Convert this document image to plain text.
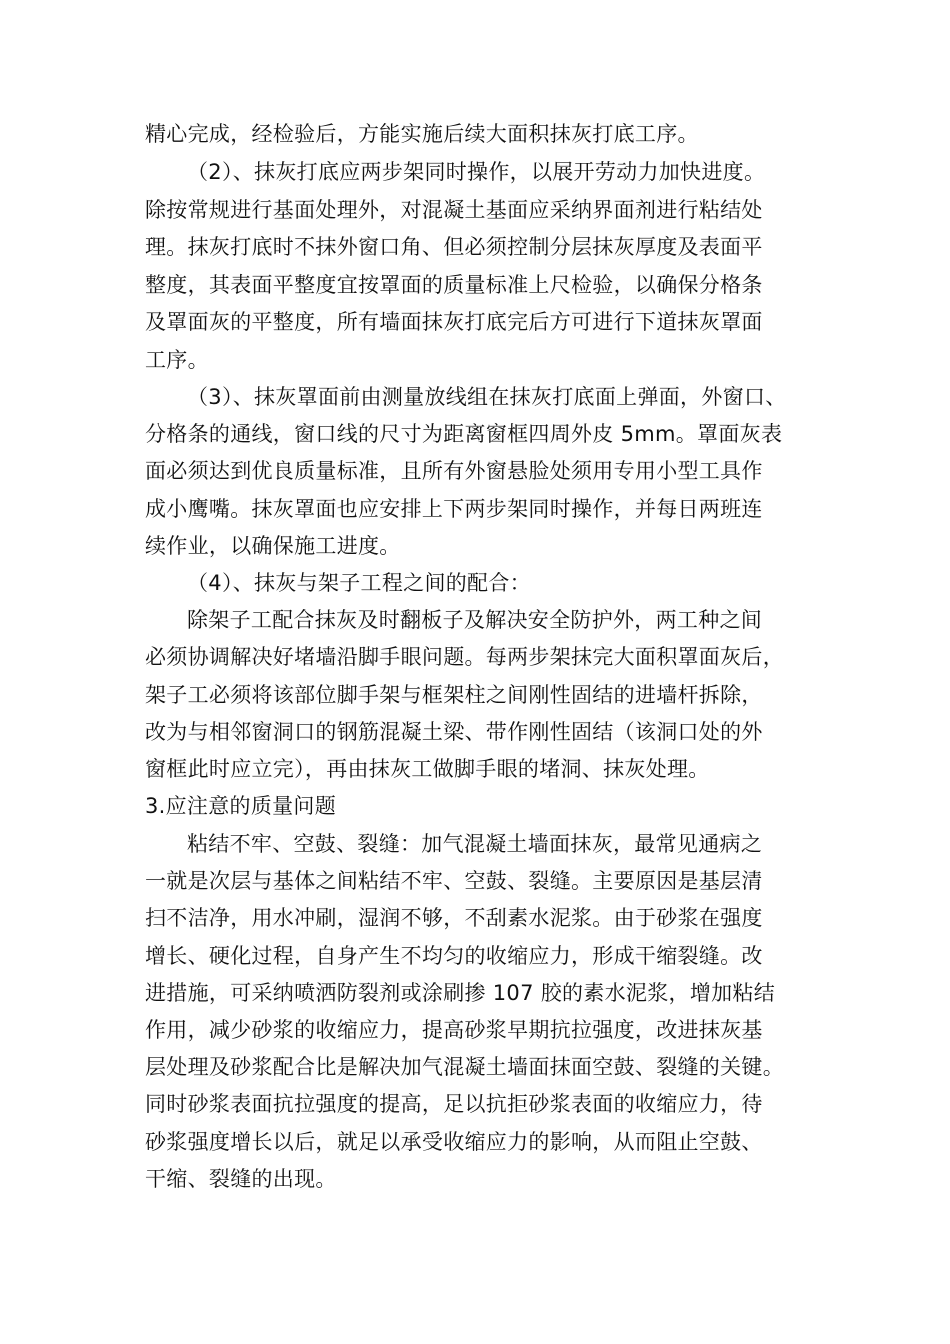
精心完成，经检验后，方能实施后续大面积抹灰打底工序。
（2）、抹灰打底应两步架同时操作，以展开劳动力加快进度。
除按常规进行基面处理外，对混凝土基面应采纳界面剂进行粘结处
理。抹灰打底时不抹外窗口角、但必须控制分层抹灰厚度及表面平
整度，其表面平整度宜按罩面的质量标准上尺检验，以确保分格条
及罩面灰的平整度，所有墙面抹灰打底完后方可进行下道抹灰罩面
工序。
（3）、抹灰罩面前由测量放线组在抹灰打底面上弹面，外窗口、
分格条的通线，窗口线的尺寸为距离窗框四周外皮 5mm。罩面灰表
面必须达到优良质量标准，且所有外窗悬脸处须用专用小型工具作
成小鹰嘴。抹灰罩面也应安排上下两步架同时操作，并每日两班连
续作业，以确保施工进度。
（4）、抹灰与架子工程之间的配合：
除架子工配合抹灰及时翻板子及解决安全防护外，两工种之间
必须协调解决好堵墙沿脚手眼问题。每两步架抹完大面积罩面灰后，
架子工必须将该部位脚手架与框架柱之间刚性固结的进墙杆拆除，
改为与相邻窗洞口的钢筋混凝土梁、带作刚性固结（该洞口处的外
窗框此时应立完），再由抹灰工做脚手眼的堵洞、抹灰处理。
3.应注意的质量问题
粘结不牢、空鼓、裂缝：加气混凝土墙面抹灰，最常见通病之
一就是次层与基体之间粘结不牢、空鼓、裂缝。主要原因是基层清
扫不洁净，用水冲刷，湿润不够，不刮素水泥浆。由于砂浆在强度
增长、硬化过程，自身产生不均匀的收缩应力，形成干缩裂缝。改
进措施，可采纳喷洒防裂剂或涂刷掺 107 胶的素水泥浆，增加粘结
作用，减少砂浆的收缩应力，提高砂浆早期抗拉强度，改进抹灰基
层处理及砂浆配合比是解决加气混凝土墙面抹面空鼓、裂缝的关键。
同时砂浆表面抗拉强度的提高，足以抗拒砂浆表面的收缩应力，待
砂浆强度增长以后，就足以承受收缩应力的影响，从而阻止空鼓、
干缩、裂缝的出现。
